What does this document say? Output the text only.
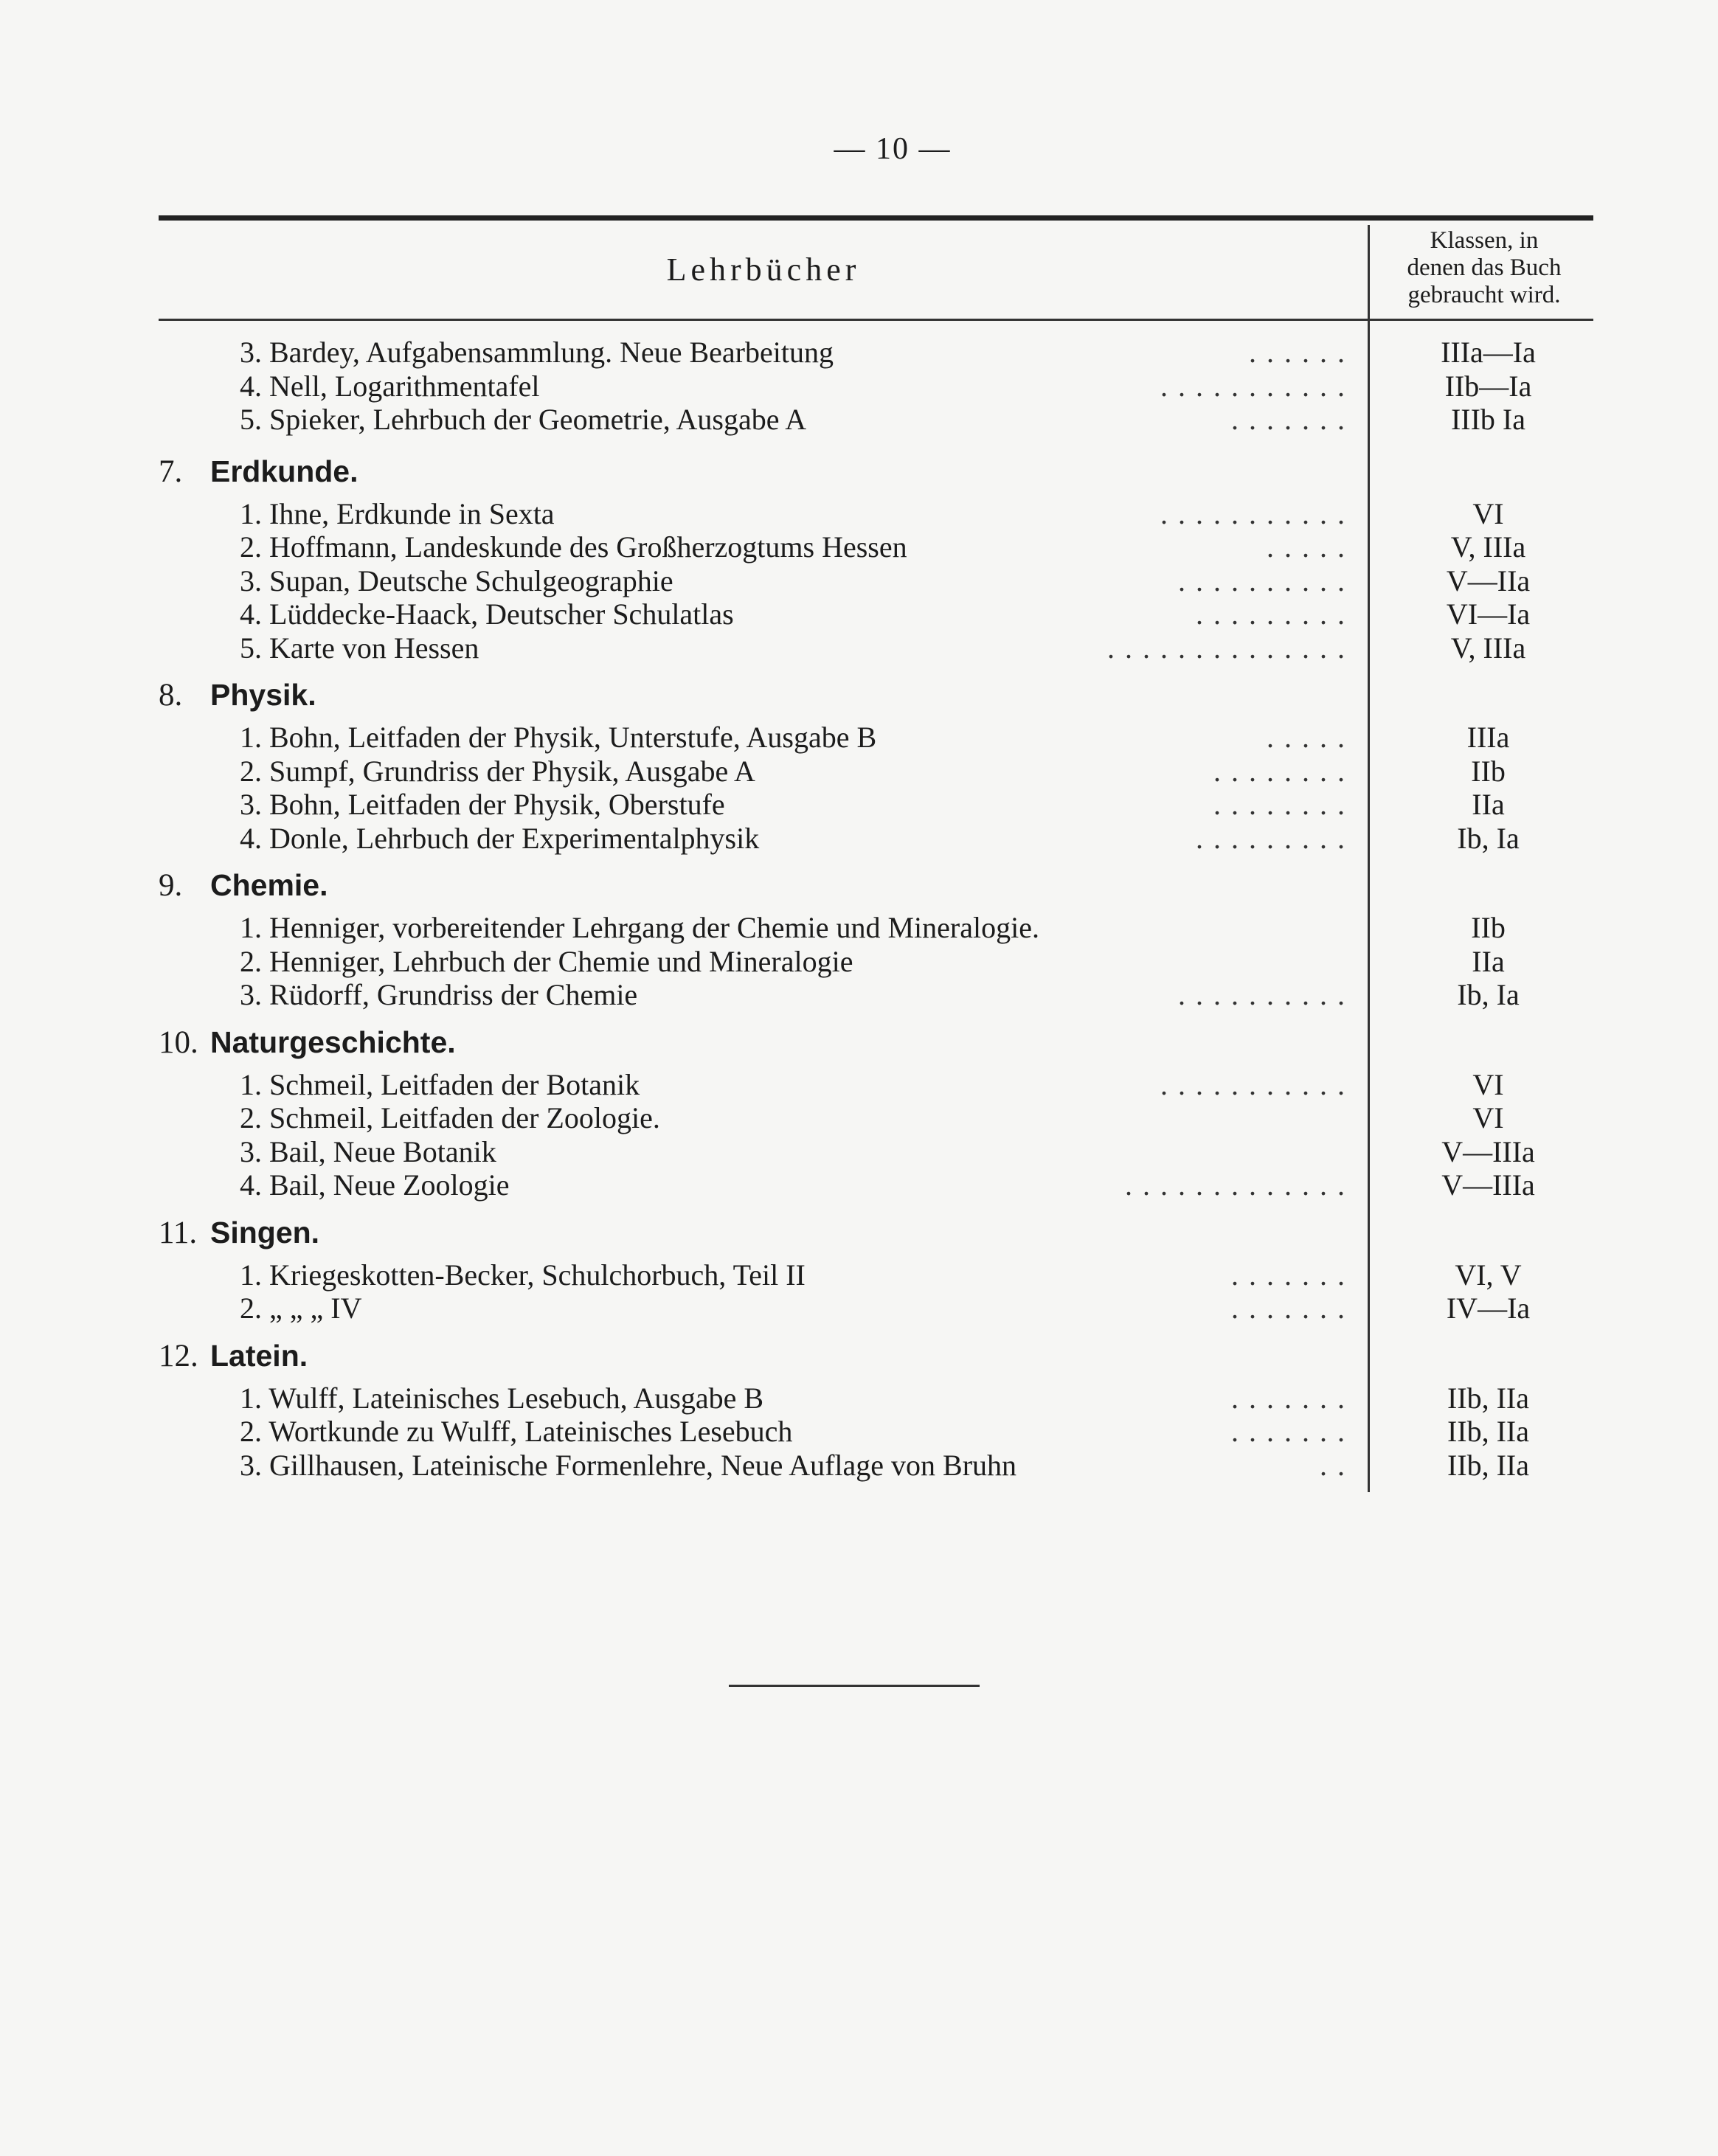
— 10 —
Lehrbücher
Klassen, in
denen das Buch
gebraucht wird.
3. Bardey, Aufgabensammlung. Neue Bearbeitung	. . . . . .	IIIa—Ia
4. Nell, Logarithmentafel	. . . . . . . . . . .	IIb—Ia
5. Spieker, Lehrbuch der Geometrie, Ausgabe A	. . . . . . .	IIIb Ia
7. Erdkunde.
1. Ihne, Erdkunde in Sexta	. . . . . . . . . . .	VI
2. Hoffmann, Landeskunde des Großherzogtums Hessen	. . . . .	V, IIIa
3. Supan, Deutsche Schulgeographie	. . . . . . . . . .	V—IIa
4. Lüddecke-Haack, Deutscher Schulatlas	. . . . . . . . .	VI—Ia
5. Karte von Hessen	. . . . . . . . . . . . . .	V, IIIa
8. Physik.
1. Bohn, Leitfaden der Physik, Unterstufe, Ausgabe B	. . . . .	IIIa
2. Sumpf, Grundriss der Physik, Ausgabe A	. . . . . . . .	IIb
3. Bohn, Leitfaden der Physik, Oberstufe	. . . . . . . .	IIa
4. Donle, Lehrbuch der Experimentalphysik	. . . . . . . . .	Ib, Ia
9. Chemie.
1. Henniger, vorbereitender Lehrgang der Chemie und Mineralogie.	IIb
2. Henniger, Lehrbuch der Chemie und Mineralogie	IIa
3. Rüdorff, Grundriss der Chemie	. . . . . . . . . .	Ib, Ia
10. Naturgeschichte.
1. Schmeil, Leitfaden der Botanik	. . . . . . . . . . .	VI
2. Schmeil, Leitfaden der Zoologie.	VI
3. Bail, Neue Botanik	V—IIIa
4. Bail, Neue Zoologie	. . . . . . . . . . . . .	V—IIIa
11. Singen.
1. Kriegeskotten-Becker, Schulchorbuch, Teil II	. . . . . . .	VI, V
2. „ „ „ IV	. . . . . . .	IV—Ia
12. Latein.
1. Wulff, Lateinisches Lesebuch, Ausgabe B	. . . . . . .	IIb, IIa
2. Wortkunde zu Wulff, Lateinisches Lesebuch	. . . . . . .	IIb, IIa
3. Gillhausen, Lateinische Formenlehre, Neue Auflage von Bruhn	. .	IIb, IIa
